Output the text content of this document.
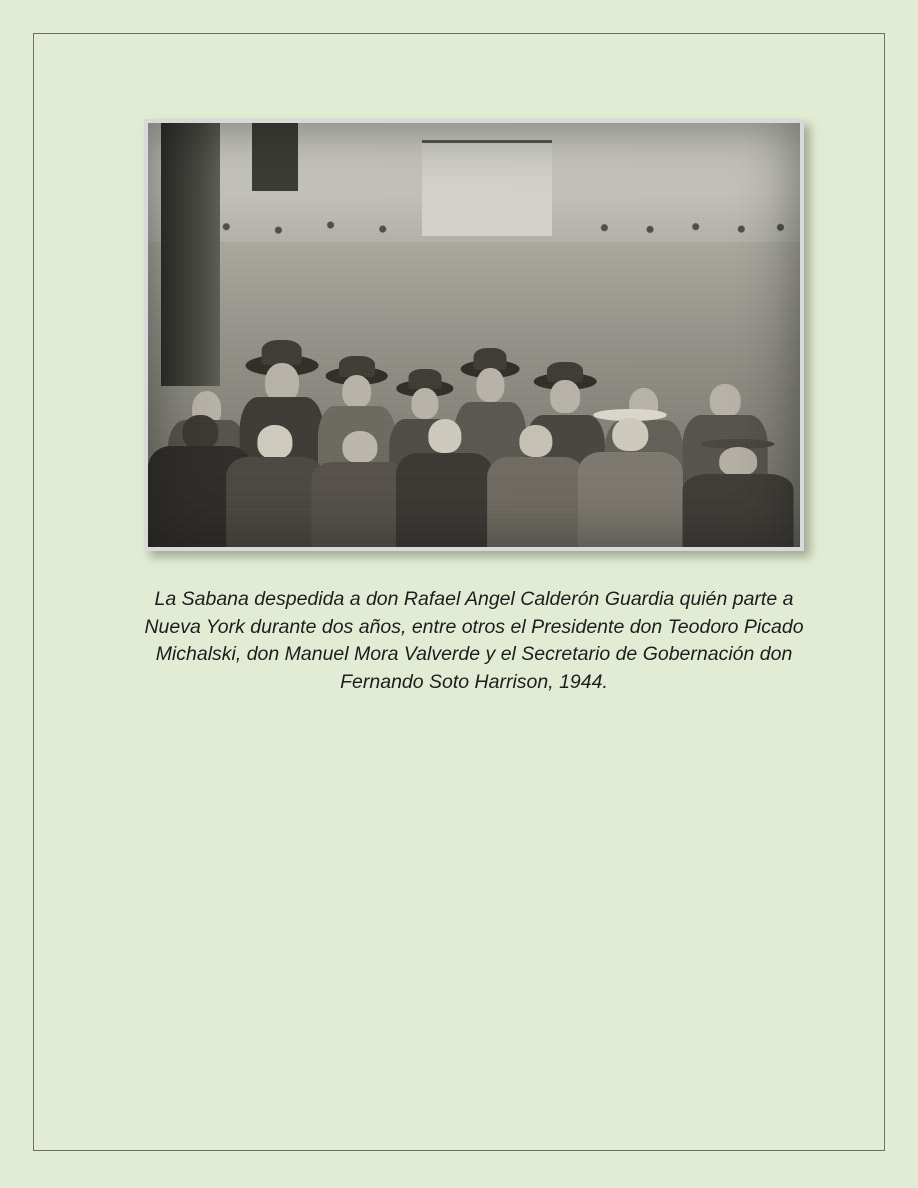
La Sabana despedida a don Rafael Angel Calderón Guardia quién parte a Nueva York durante dos años, entre otros el Presidente don Teodoro Picado Michalski, don Manuel Mora Valverde y el Secretario de Gobernación don Fernando Soto Harrison, 1944.
